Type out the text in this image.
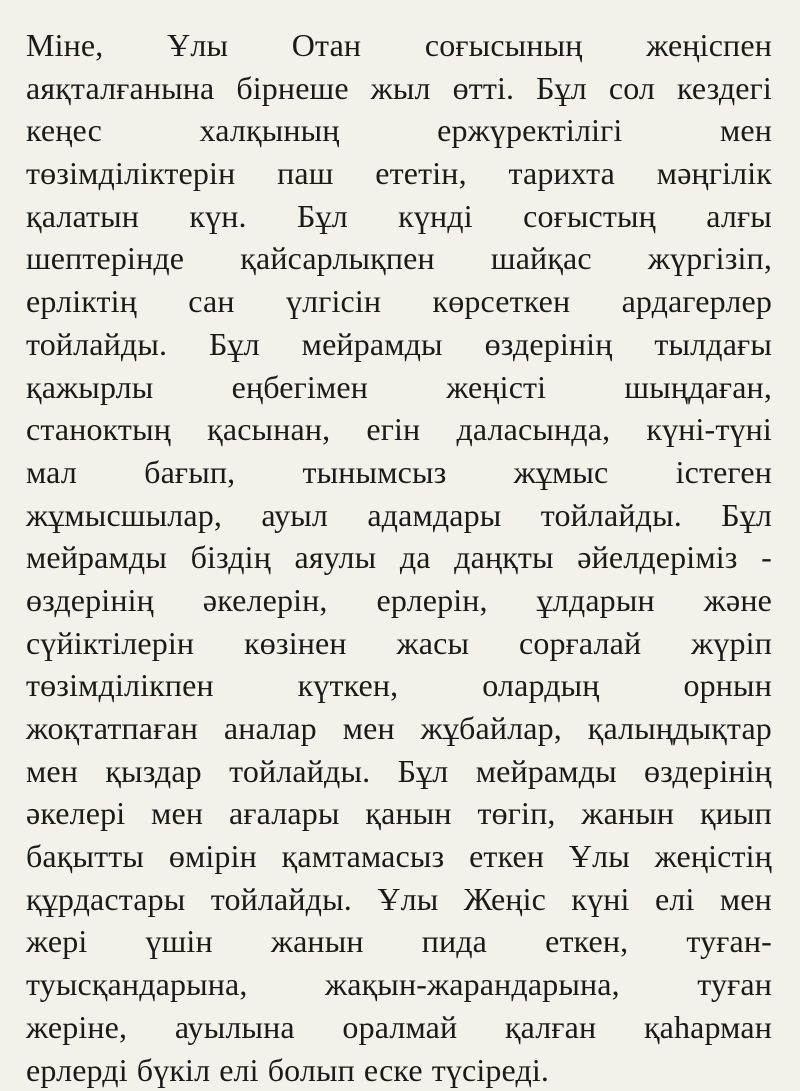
Міне, Ұлы Отан соғысының жеңіспен
аяқталғанына бірнеше жыл өтті. Бұл сол кездегі
кеңес	халқының	ержүректілігі	мен
төзімділіктерін паш ететін, тарихта мәңгілік
қалатын күн. Бұл күнді соғыстың алғы
шептерінде қайсарлықпен шайқас жүргізіп,
ерліктің сан үлгісін көрсеткен ардагерлер
тойлайды. Бұл мейрамды өздерінің тылдағы
қажырлы еңбегімен жеңісті шыңдаған,
станоктың қасынан, егін даласында, күні-түні
мал бағып, тынымсыз жұмыс істеген
жұмысшылар, ауыл адамдары тойлайды. Бұл
мейрамды біздің аяулы да даңқты әйелдеріміз -
өздерінің әкелерін, ерлерін, ұлдарын және
сүйіктілерін көзінен жасы сорғалай жүріп
төзімділікпен	күткен,	олардың	орнын
жоқтатпаған аналар мен жұбайлар, қалыңдықтар
мен қыздар тойлайды. Бұл мейрамды өздерінің
әкелері мен ағалары қанын төгіп, жанын қиып
бақытты өмірін қамтамасыз еткен Ұлы жеңістің
құрдастары тойлайды. Ұлы Жеңіс күні елі мен
жері үшін жанын пида еткен, туған-
туысқандарына, жақын-жарандарына, туған
жеріне, ауылына оралмай қалған қаһарман
ерлерді бүкіл елі болып еске түсіреді.
